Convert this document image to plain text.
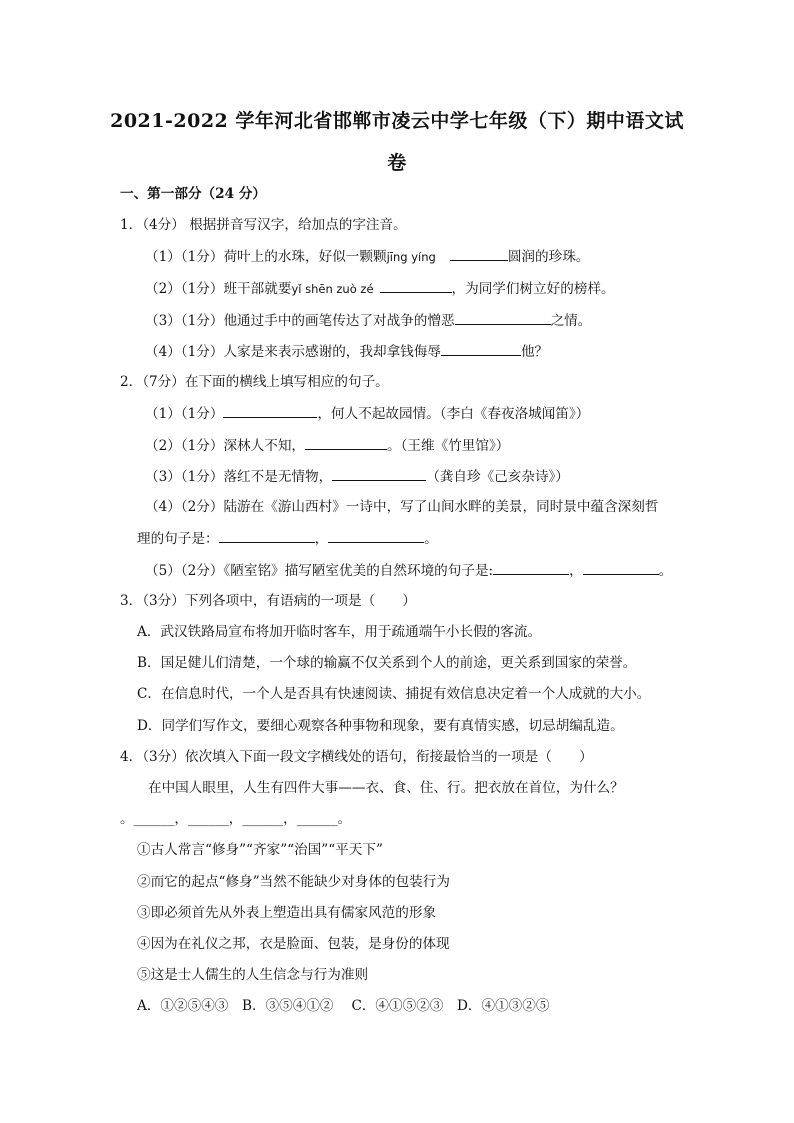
2021-2022 学年河北省邯郸市凌云中学七年级（下）期中语文试
卷
一、第一部分（24 分）
1．（4分） 根据拼音写汉字，给加点的字注音。
（1）（1分）荷叶上的水珠，好似一颗颗jīng yíng	圆润的珍珠。
（2）（1分）班干部就要yǐ shēn zuò zé	，为同学们树立好的榜样。
（3）（1分）他通过手中的画笔传达了对战争的憎恶	之情。
（4）（1分）人家是来表示感谢的，我却拿钱侮辱	他？
2．（7分）在下面的横线上填写相应的句子。
（1）（1分）	，何人不起故园情。（李白《春夜洛城闻笛》）
（2）（1分）深林人不知，	。（王维《竹里馆》）
（3）（1分）落红不是无情物，	（龚自珍《己亥杂诗》）
（4）（2分）陆游在《游山西村》一诗中，写了山间水畔的美景，同时景中蕴含深刻哲
理的句子是：	，	。
（5）（2分）《陋室铭》描写陋室优美的自然环境的句子是:	，	。
3．（3分）下列各项中，有语病的一项是（　　）
A．武汉铁路局宣布将加开临时客车，用于疏通端午小长假的客流。
B．国足健儿们清楚，一个球的输赢不仅关系到个人的前途，更关系到国家的荣誉。
C．在信息时代，一个人是否具有快速阅读、捕捉有效信息决定着一个人成就的大小。
D．同学们写作文，要细心观察各种事物和现象，要有真情实感，切忌胡编乱造。
4．（3分）依次填入下面一段文字横线处的语句，衔接最恰当的一项是（　　）
在中国人眼里，人生有四件大事——衣、食、住、行。把衣放在首位，为什么？
。______，______，______，______。
①古人常言“修身”“齐家”“治国”“平天下”
②而它的起点“修身”当然不能缺少对身体的包装行为
③即必须首先从外表上塑造出具有儒家风范的形象
④因为在礼仪之邦，衣是脸面、包装，是身份的体现
⑤这是士人儒生的人生信念与行为准则
A．①②⑤④③　B．③⑤④①②　 C．④①⑤②③　D．④①③②⑤
